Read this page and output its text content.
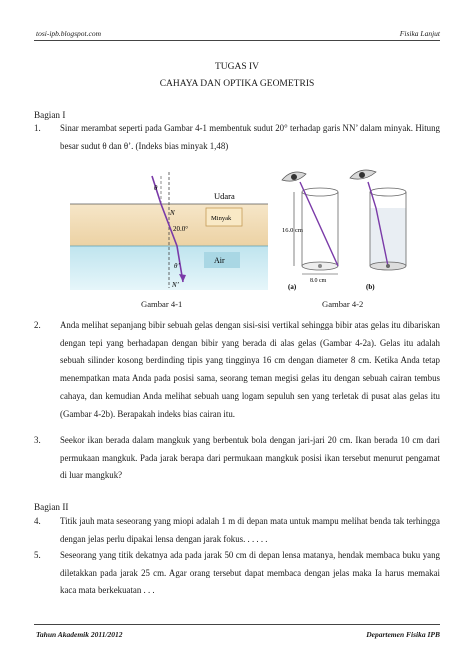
tosi-ipb.blogspot.com	Fisika Lanjut
TUGAS IV
CAHAYA DAN OPTIKA GEOMETRIS
Bagian I
1. Sinar merambat seperti pada Gambar 4-1 membentuk sudut 20° terhadap garis NN’ dalam minyak. Hitung besar sudut θ dan θ’. (Indeks bias minyak 1,48)
θ
θ’
N
N’
20.0°
Udara
Minyak
Air
Gambar 4-1
16.0 cm
8.0 cm
(a)	(b)
Gambar 4-2
2. Anda melihat sepanjang bibir sebuah gelas dengan sisi-sisi vertikal sehingga bibir atas gelas itu dibariskan dengan tepi yang berhadapan dengan bibir yang berada di alas gelas (Gambar 4-2a). Gelas itu adalah sebuah silinder kosong berdinding tipis yang tingginya 16 cm dengan diameter 8 cm. Ketika Anda tetap menempatkan mata Anda pada posisi sama, seorang teman megisi gelas itu dengan sebuah cairan tembus cahaya, dan kemudian Anda melihat sebuah uang logam sepuluh sen yang terletak di pusat alas gelas itu (Gambar 4-2b). Berapakah indeks bias cairan itu.
3. Seekor ikan berada dalam mangkuk yang berbentuk bola dengan jari-jari 20 cm. Ikan berada 10 cm dari permukaan mangkuk. Pada jarak berapa dari permukaan mangkuk posisi ikan tersebut menurut pengamat di luar mangkuk?
Bagian II
4. Titik jauh mata seseorang yang miopi adalah 1 m di depan mata untuk mampu melihat benda tak terhingga dengan jelas perlu dipakai lensa dengan jarak fokus. . . . . .
5. Seseorang yang titik dekatnya ada pada jarak 50 cm di depan lensa matanya, hendak membaca buku yang diletakkan pada jarak 25 cm. Agar orang tersebut dapat membaca dengan jelas maka Ia harus memakai kaca mata berkekuatan . . .
Tahun Akademik 2011/2012	Departemen Fisika IPB
